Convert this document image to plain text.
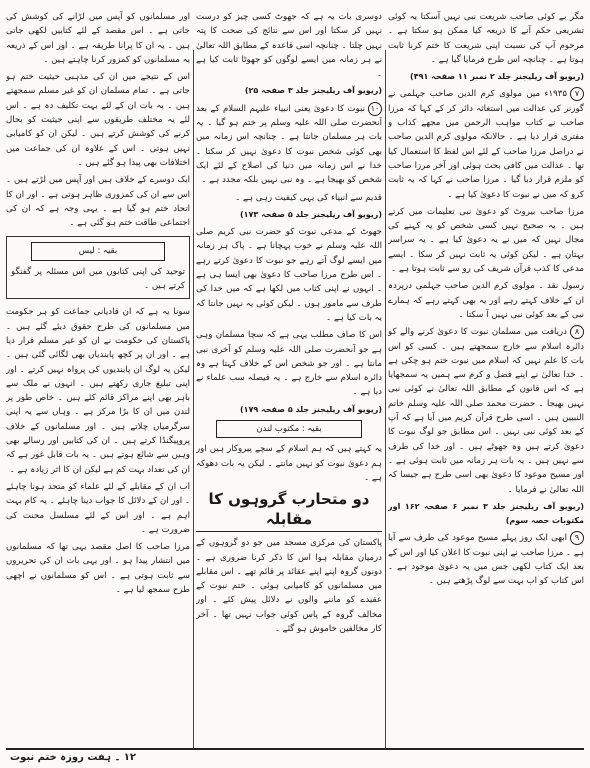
مگر بے کوئی صاحب شریعت نبی نہیں آسکتا یہ کوئی تشریعی حکم آنے کا ذریعہ کیا ممکن ہو سکتا ہے ۔ مرحوم آپ کی نسبت اپنی شریعت کا ختم کرنا ثابت ہوتا ہے ۔ چنانچہ اس طرح فرمایا گیا ہے ۔

(ریویو آف ریلیجنز جلد ۲ نمبر ۱۱ صفحہ ۴۹۱)

۷۱۹۳۵ء میں مولوی کرم الدین صاحب جہلمی نے گورنر کی عدالت میں استغاثہ دائر کر کے کہا کہ مرزا صاحب نے کتاب مواہب الرحمن میں مجھے کذاب و مفتری قرار دیا ہے ۔ حالانکہ مولوی کرم الدین صاحب نے دراصل مرزا صاحب کے لئے اس لفظ کا استعمال کیا تھا ۔ عدالت میں کافی بحث ہوئی اور آخر مرزا صاحب کو ملزم قرار دیا گیا ۔ مرزا صاحب نے کہا کہ یہ ثابت کرو کہ میں نے نبوت کا دعویٰ کیا ہے ۔

مرزا صاحب بیروٹ کو دعویٰ نبی تعلیمات میں کرتے ہیں ۔ یہ صحیح نہیں کسی شخص کو یہ کہنے کی مجال نہیں کہ میں نے یہ دعویٰ کیا ہے ۔ یہ سراسر بہتان ہے ۔ لیکن کوئی یہ ثابت نہیں کر سکا ۔ ایسے مدعی کا کذب قرآن شریف کی رو سے ثابت ہوتا ہے ۔

رسول نقد ۔ مولوی کرم الدین صاحب جہلمی درپردہ ان کے خلاف کہتے رہے اور یہ بھی کہتے رہے کہ ہمارے نبی کے بعد کوئی نبی نہیں آ سکتا ۔

۸دریافت میں مسلمان نبوت کا دعویٰ کرنے والے کو دائرہ اسلام سے خارج سمجھتے ہیں ۔ کسی کو اس بات کا علم نہیں کہ اسلام میں نبوت ختم ہو چکی ہے ۔ خدا تعالیٰ نے اپنے فضل و کرم سے ہمیں یہ سمجھایا ہے کہ اس قانون کے مطابق اللہ تعالیٰ نے کوئی نبی نہیں بھیجا ۔ حضرت محمد صلی اللہ علیہ وسلم خاتم النبیین ہیں ۔ اسی طرح قرآن کریم میں آیا ہے کہ آپ کے بعد کوئی نبی نہیں ۔ اس مطابق جو لوگ نبوت کا دعویٰ کرتے ہیں وہ جھوٹے ہیں ۔ اور خدا کی طرف سے نہیں ہیں ۔ یہ بات ہر زمانہ میں ثابت ہوئی ہے ۔ اور مسیح موعود کا دعویٰ بھی اسی طرح ہے جیسا کہ اللہ تعالیٰ نے فرمایا ۔

(ریویو آف ریلیجنز جلد ۳ نمبر ۶ صفحہ ۱۶۲ اور مکتوبات حصہ سوم)

۹ابھی ایک روز پہلے مسیح موعود کی طرف سے آیا ہے ۔ مرزا صاحب نے اپنی نبوت کا اعلان کیا اور اس کے بعد ایک کتاب لکھی جس میں یہ دعویٰ موجود ہے ۔ اس کتاب کو اب بہت سے لوگ پڑھتے ہیں ۔

دوسری بات یہ ہے کہ جھوٹ کسی چیز کو درست نہیں کر سکتا اور اس سے نتائج کی صحت کا پتہ نہیں چلتا ۔ چنانچہ اسی قاعدہ کے مطابق اللہ تعالیٰ نے ہر زمانہ میں ایسے لوگوں کو جھوٹا ثابت کیا ہے ۔

(ریویو آف ریلیجنز جلد ۳ صفحہ ۲۵)

۱۰نبوت کا دعویٰ یعنی انبیاء علیہم السلام کے بعد آنحضرت صلی اللہ علیہ وسلم پر ختم ہو گیا ۔ یہ بات ہر مسلمان جانتا ہے ۔ چنانچہ اس زمانہ میں بھی کوئی شخص نبوت کا دعویٰ نہیں کر سکتا ۔ خدا نے اس زمانہ میں دنیا کی اصلاح کے لئے ایک شخص کو بھیجا ہے ۔ وہ نبی نہیں بلکہ مجدد ہے ۔

قدیم سے انبیاء کی یہی کیفیت رہی ہے ۔

(ریویو آف ریلیجنز جلد ۵ صفحہ ۱۷۳)

جھوٹ کے مدعی نبوت کو حضرت نبی کریم صلی اللہ علیہ وسلم نے خوب پہچانا ہے ۔ پاک ہر زمانہ میں ایسے لوگ آتے رہے جو نبوت کا دعویٰ کرتے رہے ۔ اس طرح مرزا صاحب کا دعویٰ بھی ایسا ہی ہے ۔ انہوں نے اپنی کتاب میں لکھا ہے کہ میں خدا کی طرف سے مامور ہوں ۔ لیکن کوئی یہ نہیں جانتا کہ یہ بات کیا ہے ۔

اس کا صاف مطلب یہی ہے کہ سچا مسلمان وہی ہے جو آنحضرت صلی اللہ علیہ وسلم کو آخری نبی مانتا ہے ۔ اور جو شخص اس کے خلاف کہتا ہے وہ دائرہ اسلام سے خارج ہے ۔ یہ فیصلہ سب علماء نے دیا ہے ۔

(ریویو آف ریلیجنز جلد ۵ صفحہ ۱۷۹)

بقیہ : مکتوب لندن

یہ کہتے ہیں کہ ہم اسلام کے سچے پیروکار ہیں اور ہم دعویٰ نبوت کو نہیں مانتے ۔ لیکن یہ بات دھوکہ ہے ۔

دو متحارب گروہوں کا مقابلہ

پاکستان کی مرکزی مسجد میں جو دو گروہوں کے درمیان مقابلہ ہوا اس کا ذکر کرنا ضروری ہے ۔ دونوں گروہ اپنے اپنے عقائد پر قائم تھے ۔ اس مقابلے میں مسلمانوں کو کامیابی ہوئی ۔ ختم نبوت کے عقیدے کو ماننے والوں نے دلائل پیش کئے ۔ اور مخالف گروہ کے پاس کوئی جواب نہیں تھا ۔ آخر کار مخالفین خاموش ہو گئے ۔

اور مسلمانوں کو آپس میں لڑانے کی کوشش کی جاتی ہے ۔ اس مقصد کے لئے کتابیں لکھی جاتی ہیں ۔ یہ ان کا پرانا طریقہ ہے ۔ اور اس کے ذریعہ یہ مسلمانوں کو کمزور کرنا چاہتے ہیں ۔

اس کے نتیجے میں ان کی مذہبی حیثیت ختم ہو جاتی ہے ۔ تمام مسلمان ان کو غیر مسلم سمجھتے ہیں ۔ یہ بات ان کے لئے بہت تکلیف دہ ہے ۔ اس لئے یہ مختلف طریقوں سے اپنی حیثیت کو بحال کرنے کی کوشش کرتے ہیں ۔ لیکن ان کو کامیابی نہیں ہوتی ۔ اس کے علاوہ ان کی جماعت میں اختلافات بھی پیدا ہو گئے ہیں ۔

ایک دوسرے کے خلاف ہیں اور آپس میں لڑتے ہیں ۔ اس سے ان کی کمزوری ظاہر ہوتی ہے ۔ اور ان کا اتحاد ختم ہو گیا ہے ۔ یہی وجہ ہے کہ ان کی اجتماعی طاقت ختم ہو گئی ہے ۔

بقیہ : لیس

توحید کی اپنی کتابوں میں اس مسئلہ پر گفتگو کرتے ہیں ۔

سونا یہ ہے کہ ان قادیانی جماعت کو ہر حکومت میں مسلمانوں کی طرح حقوق دیئے گئے ہیں ۔ پاکستان کی حکومت نے ان کو غیر مسلم قرار دیا ہے ۔ اور ان پر کچھ پابندیاں بھی لگائی گئی ہیں ۔ لیکن یہ لوگ ان پابندیوں کی پرواہ نہیں کرتے ۔ اور اپنی تبلیغ جاری رکھتے ہیں ۔ انہوں نے ملک سے باہر بھی اپنے مراکز قائم کئے ہیں ۔ خاص طور پر لندن میں ان کا بڑا مرکز ہے ۔ وہاں سے یہ اپنی سرگرمیاں چلاتے ہیں ۔ اور مسلمانوں کے خلاف پروپیگنڈا کرتے ہیں ۔ ان کی کتابیں اور رسالے بھی وہیں سے شائع ہوتے ہیں ۔ یہ بات قابل غور ہے کہ ان کی تعداد بہت کم ہے لیکن ان کا اثر زیادہ ہے ۔

اب ان کے مقابلے کے لئے علماء کو متحد ہونا چاہئے ۔ اور ان کے دلائل کا جواب دینا چاہئے ۔ یہ کام بہت اہم ہے ۔ اور اس کے لئے مسلسل محنت کی ضرورت ہے ۔

مرزا صاحب کا اصل مقصد یہی تھا کہ مسلمانوں میں انتشار پیدا ہو ۔ اور یہی بات ان کی تحریروں سے ثابت ہوتی ہے ۔ اس کو مسلمانوں نے اچھی طرح سمجھ لیا ہے ۔

۱۲ ۔ ہفت روزہ ختم نبوت
